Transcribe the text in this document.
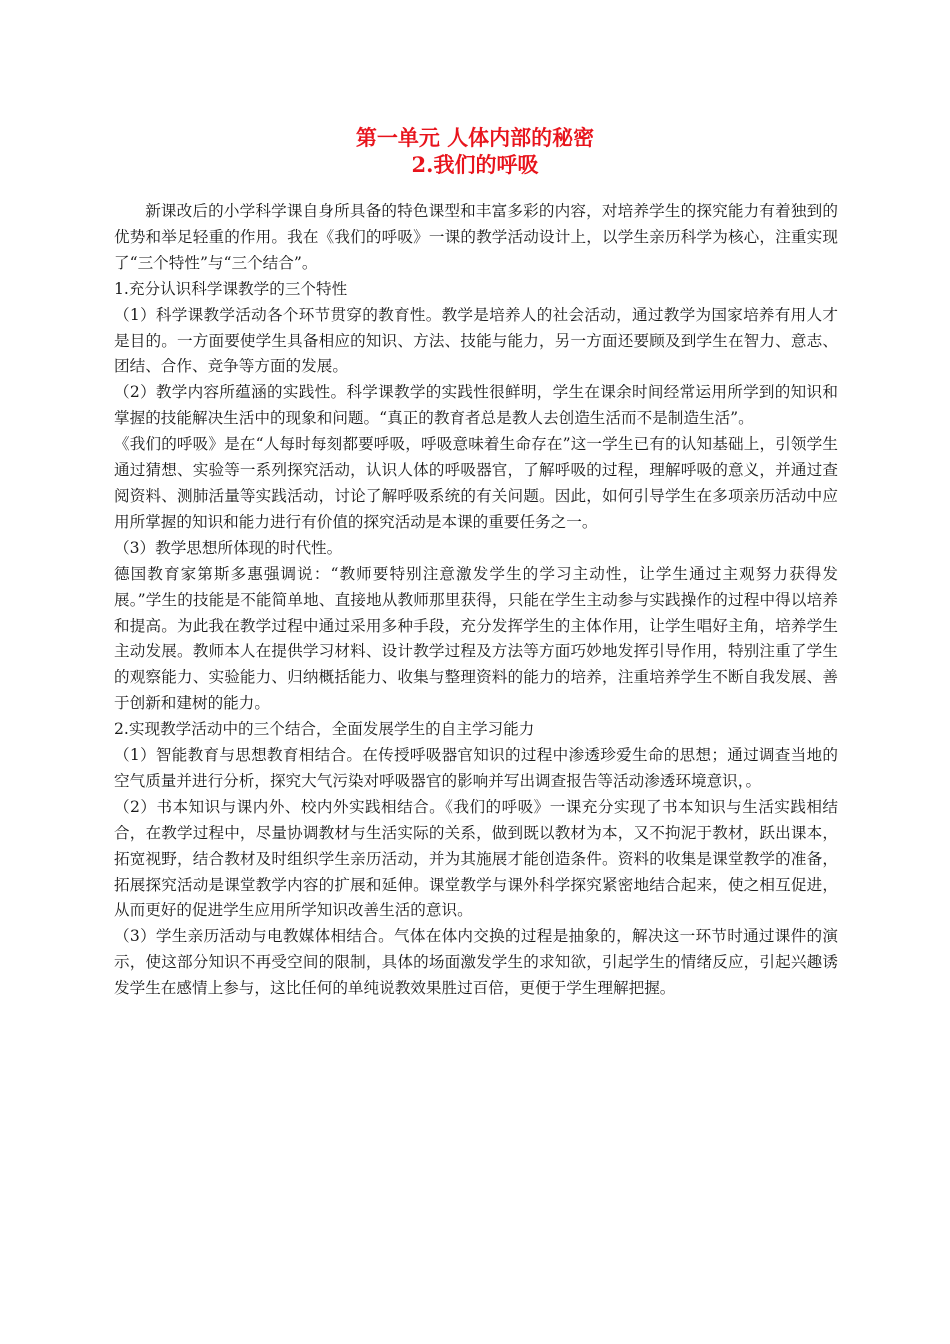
第一单元 人体内部的秘密

2.我们的呼吸

新课改后的小学科学课自身所具备的特色课型和丰富多彩的内容，对培养学生的探究能力有着独到的优势和举足轻重的作用。我在《我们的呼吸》一课的教学活动设计上，以学生亲历科学为核心，注重实现了“三个特性”与“三个结合”。

1.充分认识科学课教学的三个特性

（1）科学课教学活动各个环节贯穿的教育性。教学是培养人的社会活动，通过教学为国家培养有用人才是目的。一方面要使学生具备相应的知识、方法、技能与能力，另一方面还要顾及到学生在智力、意志、团结、合作、竞争等方面的发展。

（2）教学内容所蕴涵的实践性。科学课教学的实践性很鲜明，学生在课余时间经常运用所学到的知识和掌握的技能解决生活中的现象和问题。“真正的教育者总是教人去创造生活而不是制造生活”。

《我们的呼吸》是在“人每时每刻都要呼吸，呼吸意味着生命存在”这一学生已有的认知基础上，引领学生通过猜想、实验等一系列探究活动，认识人体的呼吸器官，了解呼吸的过程，理解呼吸的意义，并通过查阅资料、测肺活量等实践活动，讨论了解呼吸系统的有关问题。因此，如何引导学生在多项亲历活动中应用所掌握的知识和能力进行有价值的探究活动是本课的重要任务之一。

（3）教学思想所体现的时代性。

德国教育家第斯多惠强调说：“教师要特别注意激发学生的学习主动性，让学生通过主观努力获得发展。”学生的技能是不能简单地、直接地从教师那里获得，只能在学生主动参与实践操作的过程中得以培养和提高。为此我在教学过程中通过采用多种手段，充分发挥学生的主体作用，让学生唱好主角，培养学生主动发展。教师本人在提供学习材料、设计教学过程及方法等方面巧妙地发挥引导作用，特别注重了学生的观察能力、实验能力、归纳概括能力、收集与整理资料的能力的培养，注重培养学生不断自我发展、善于创新和建树的能力。

2.实现教学活动中的三个结合，全面发展学生的自主学习能力

（1）智能教育与思想教育相结合。在传授呼吸器官知识的过程中渗透珍爱生命的思想；通过调查当地的空气质量并进行分析，探究大气污染对呼吸器官的影响并写出调查报告等活动渗透环境意识，。

（2）书本知识与课内外、校内外实践相结合。《我们的呼吸》一课充分实现了书本知识与生活实践相结合，在教学过程中，尽量协调教材与生活实际的关系，做到既以教材为本，又不拘泥于教材，跃出课本，拓宽视野，结合教材及时组织学生亲历活动，并为其施展才能创造条件。资料的收集是课堂教学的准备，拓展探究活动是课堂教学内容的扩展和延伸。课堂教学与课外科学探究紧密地结合起来，使之相互促进，从而更好的促进学生应用所学知识改善生活的意识。

（3）学生亲历活动与电教媒体相结合。气体在体内交换的过程是抽象的，解决这一环节时通过课件的演示，使这部分知识不再受空间的限制，具体的场面激发学生的求知欲，引起学生的情绪反应，引起兴趣诱发学生在感情上参与，这比任何的单纯说教效果胜过百倍，更便于学生理解把握。
